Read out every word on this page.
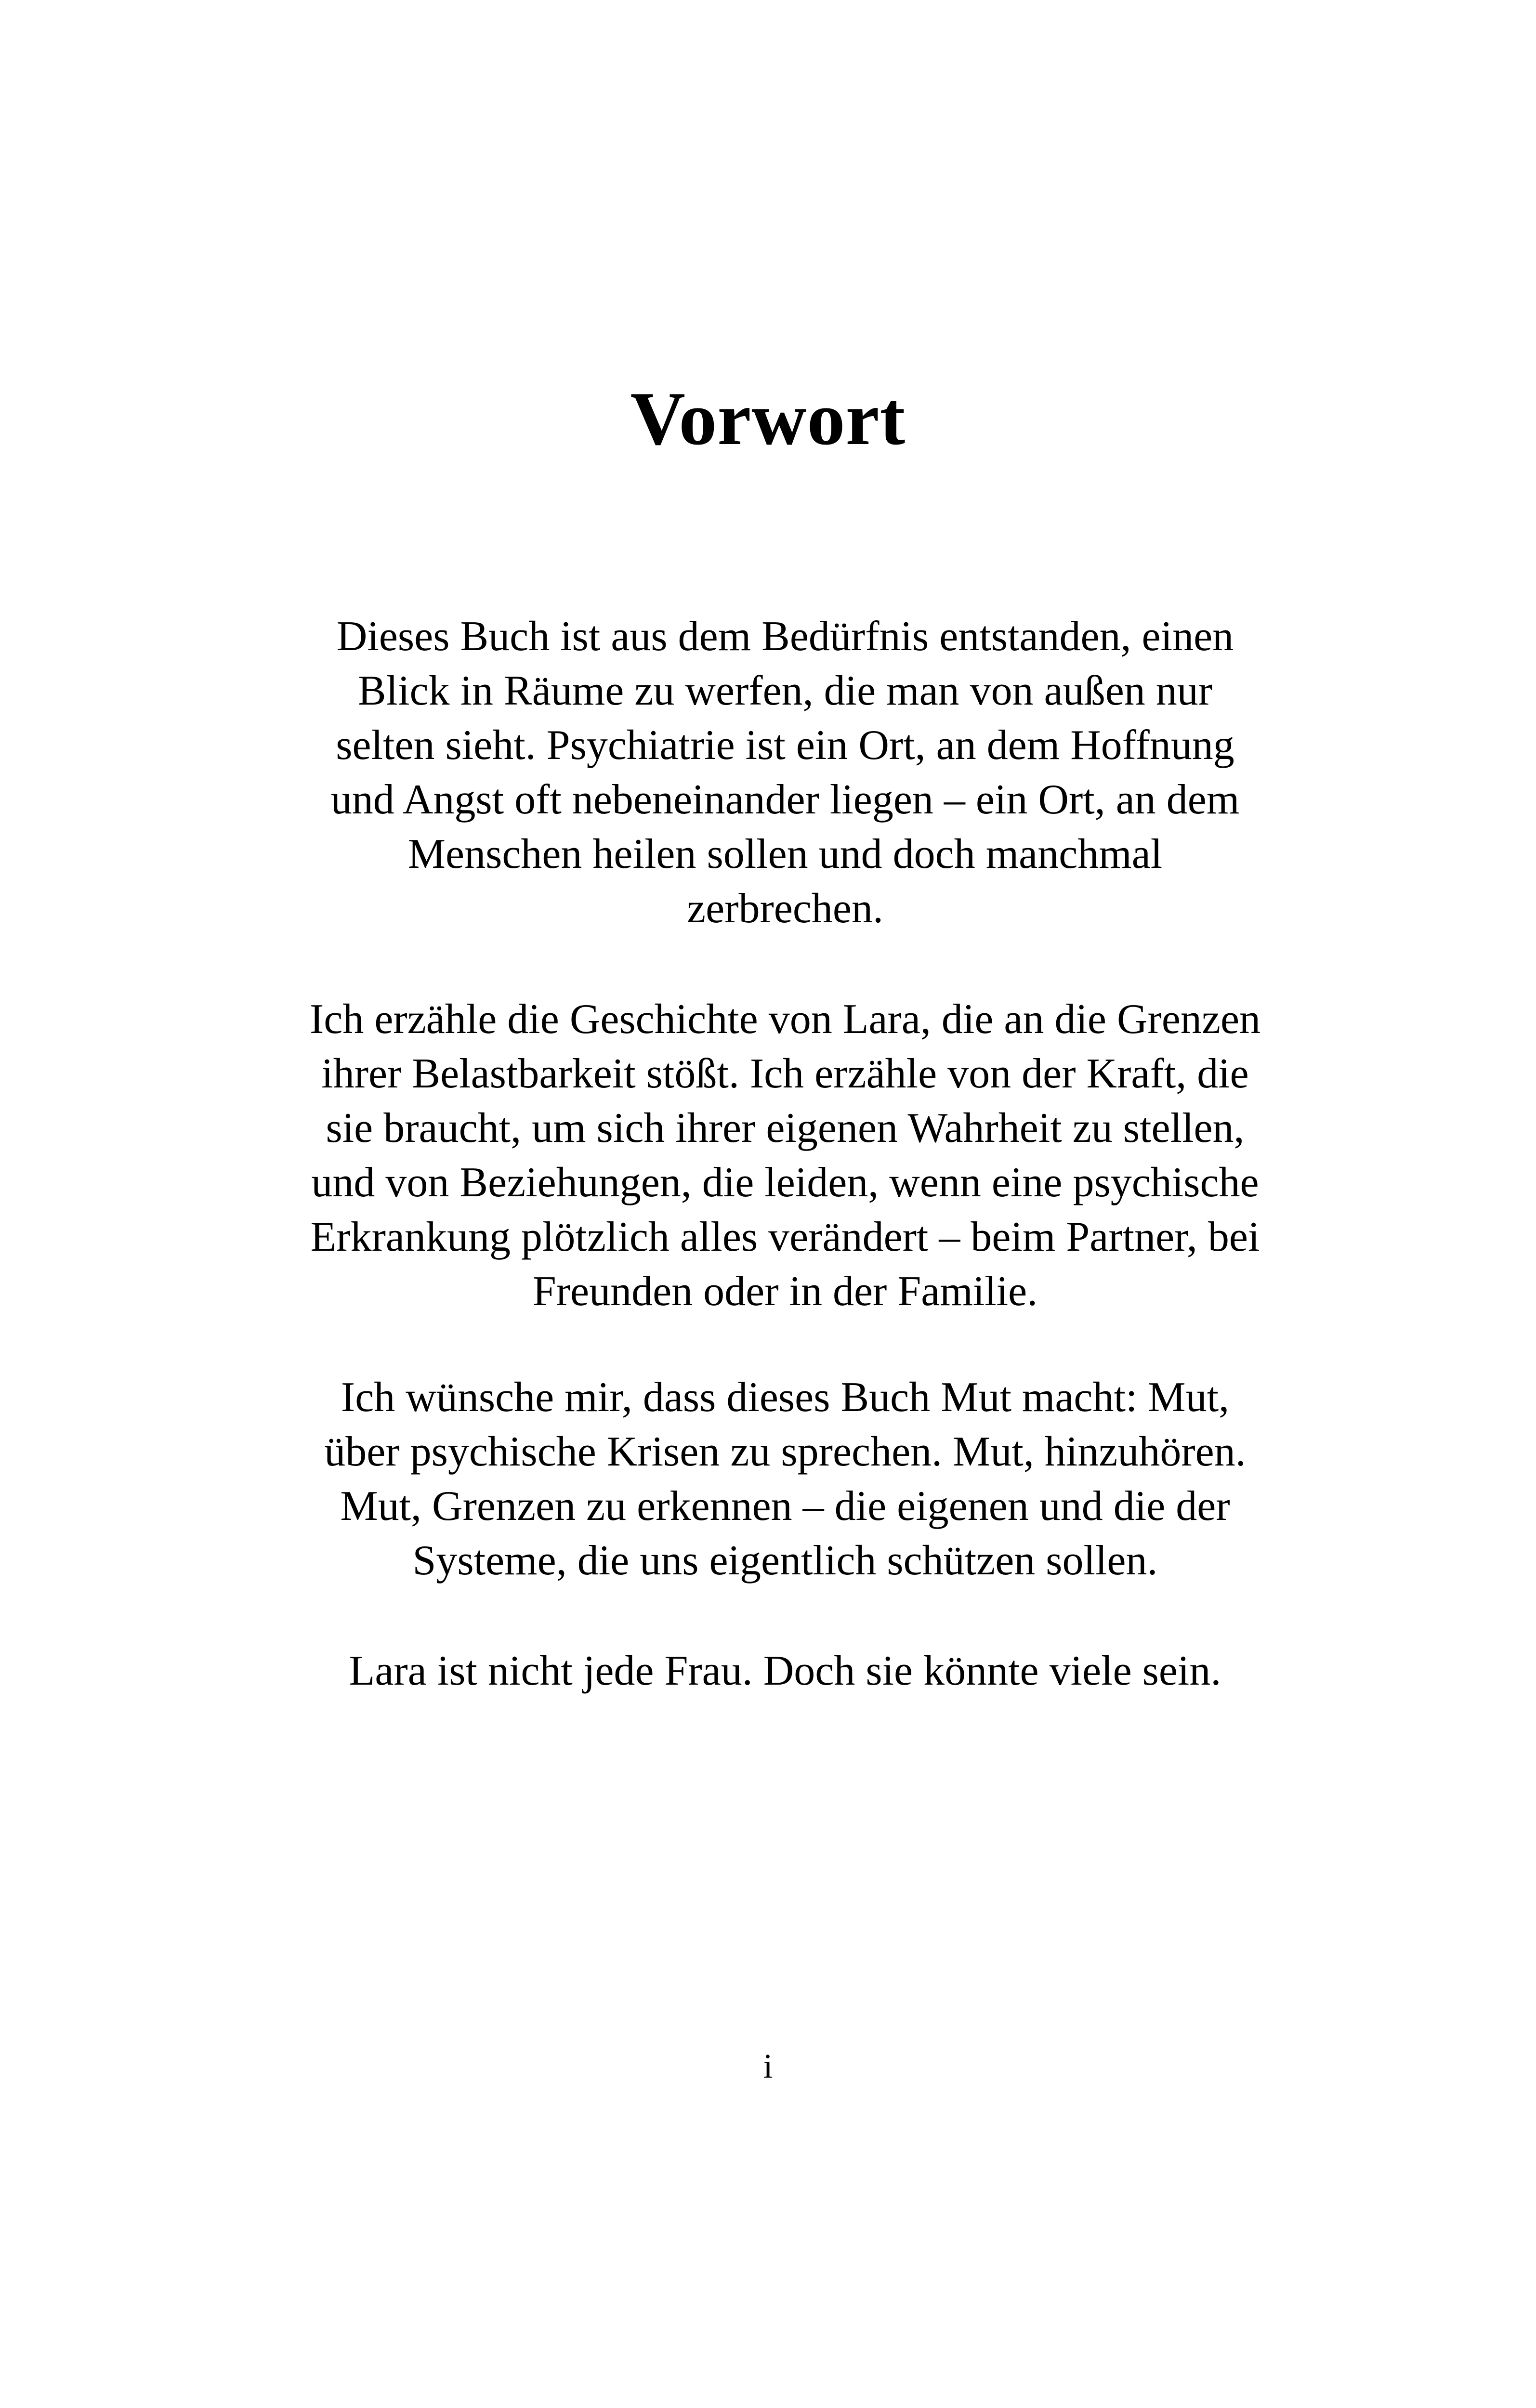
Vorwort

Dieses Buch ist aus dem Bedürfnis entstanden, einen
Blick in Räume zu werfen, die man von außen nur
selten sieht. Psychiatrie ist ein Ort, an dem Hoffnung
und Angst oft nebeneinander liegen – ein Ort, an dem
Menschen heilen sollen und doch manchmal
zerbrechen.

Ich erzähle die Geschichte von Lara, die an die Grenzen
ihrer Belastbarkeit stößt. Ich erzähle von der Kraft, die
sie braucht, um sich ihrer eigenen Wahrheit zu stellen,
und von Beziehungen, die leiden, wenn eine psychische
Erkrankung plötzlich alles verändert – beim Partner, bei
Freunden oder in der Familie.

Ich wünsche mir, dass dieses Buch Mut macht: Mut,
über psychische Krisen zu sprechen. Mut, hinzuhören.
Mut, Grenzen zu erkennen – die eigenen und die der
Systeme, die uns eigentlich schützen sollen.

Lara ist nicht jede Frau. Doch sie könnte viele sein.

i
